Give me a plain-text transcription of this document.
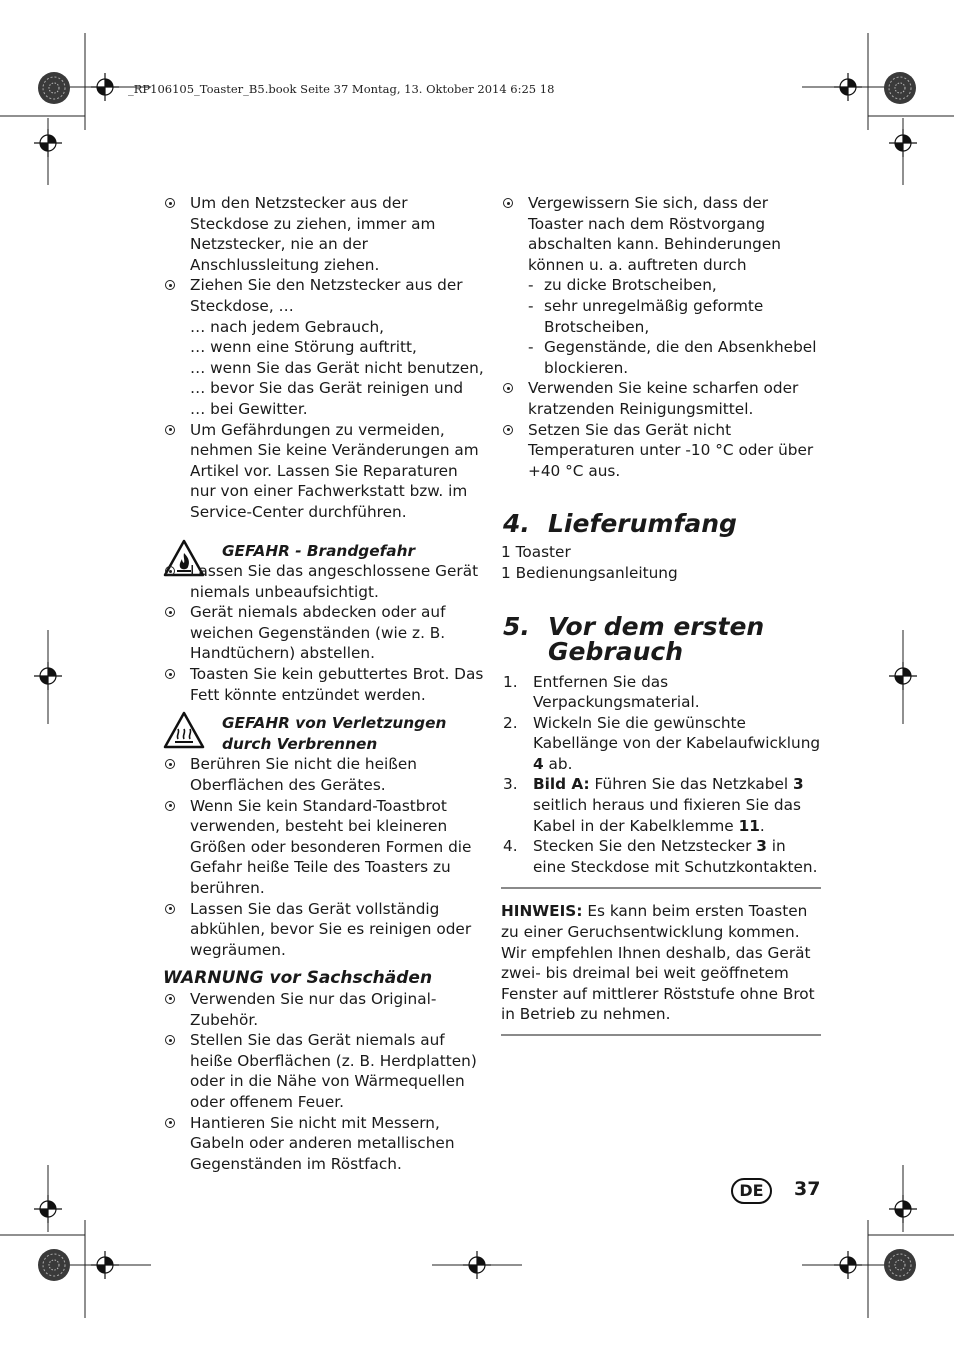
_RP106105_Toaster_B5.book Seite 37 Montag, 13. Oktober 2014 6:25 18
Um den Netzstecker aus der Steckdose zu ziehen, immer am Netzstecker, nie an der Anschlussleitung ziehen.
Ziehen Sie den Netzstecker aus der Steckdose, …
… nach jedem Gebrauch,
… wenn eine Störung auftritt,
… wenn Sie das Gerät nicht benutzen,
… bevor Sie das Gerät reinigen und
… bei Gewitter.
Um Gefährdungen zu vermeiden, nehmen Sie keine Veränderungen am Artikel vor. Lassen Sie Reparaturen nur von einer Fachwerkstatt bzw. im Service-Center durchführen.
GEFAHR - Brandgefahr
Lassen Sie das angeschlossene Gerät niemals unbeaufsichtigt.
Gerät niemals abdecken oder auf weichen Gegenständen (wie z. B. Handtüchern) abstellen.
Toasten Sie kein gebuttertes Brot. Das Fett könnte entzündet werden.
GEFAHR von Verletzungen durch Verbrennen
Berühren Sie nicht die heißen Oberflächen des Gerätes.
Wenn Sie kein Standard-Toastbrot verwenden, besteht bei kleineren Größen oder besonderen Formen die Gefahr heiße Teile des Toasters zu berühren.
Lassen Sie das Gerät vollständig abkühlen, bevor Sie es reinigen oder wegräumen.
WARNUNG vor Sachschäden
Verwenden Sie nur das Original-Zubehör.
Stellen Sie das Gerät niemals auf heiße Oberflächen (z. B. Herdplatten) oder in die Nähe von Wärmequellen oder offenem Feuer.
Hantieren Sie nicht mit Messern, Gabeln oder anderen metallischen Gegenständen im Röstfach.
Vergewissern Sie sich, dass der Toaster nach dem Röstvorgang abschalten kann. Behinderungen können u. a. auftreten durch
- zu dicke Brotscheiben,
- sehr unregelmäßig geformte Brotscheiben,
- Gegenstände, die den Absenkhebel blockieren.
Verwenden Sie keine scharfen oder kratzenden Reinigungsmittel.
Setzen Sie das Gerät nicht Temperaturen unter -10 °C oder über +40 °C aus.
4. Lieferumfang
1 Toaster
1 Bedienungsanleitung
5. Vor dem ersten Gebrauch
1. Entfernen Sie das Verpackungsmaterial.
2. Wickeln Sie die gewünschte Kabellänge von der Kabelaufwicklung 4 ab.
3. Bild A: Führen Sie das Netzkabel 3 seitlich heraus und fixieren Sie das Kabel in der Kabelklemme 11.
4. Stecken Sie den Netzstecker 3 in eine Steckdose mit Schutzkontakten.
HINWEIS: Es kann beim ersten Toasten zu einer Geruchsentwicklung kommen. Wir empfehlen Ihnen deshalb, das Gerät zwei- bis dreimal bei weit geöffnetem Fenster auf mittlerer Röststufe ohne Brot in Betrieb zu nehmen.
DE	37
